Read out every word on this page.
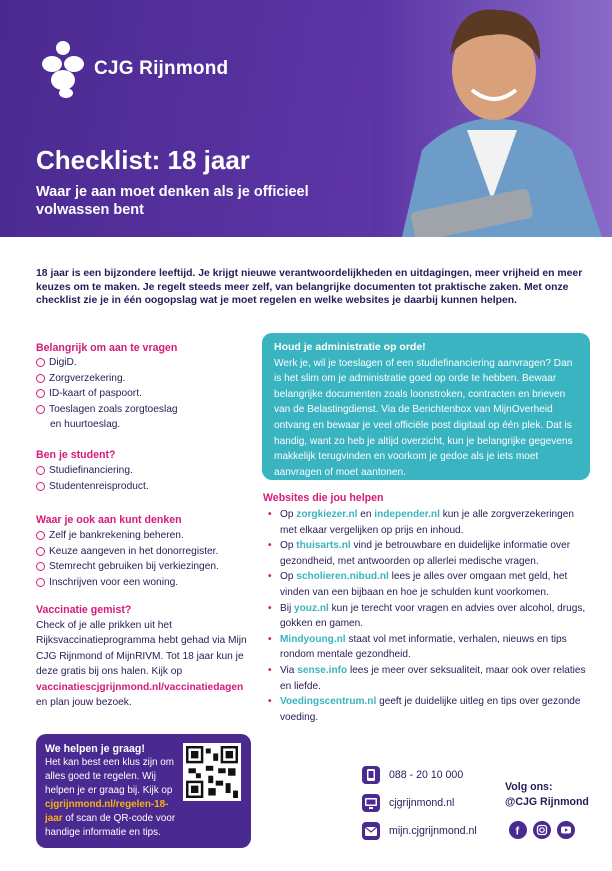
CJG Rijnmond
Checklist: 18 jaar
Waar je aan moet denken als je officieel volwassen bent
18 jaar is een bijzondere leeftijd. Je krijgt nieuwe verantwoordelijkheden en uitdagingen, meer vrijheid en meer keuzes om te maken. Je regelt steeds meer zelf, van belangrijke documenten tot praktische zaken. Met onze checklist zie je in één oogopslag wat je moet regelen en welke websites je daarbij kunnen helpen.
Belangrijk om aan te vragen
DigiD.
Zorgverzekering.
ID-kaart of paspoort.
Toeslagen zoals zorgtoeslag
en huurtoeslag.
Ben je student?
Studiefinanciering.
Studentenreisproduct.
Waar je ook aan kunt denken
Zelf je bankrekening beheren.
Keuze aangeven in het donorregister.
Stemrecht gebruiken bij verkiezingen.
Inschrijven voor een woning.
Vaccinatie gemist?
Check of je alle prikken uit het Rijksvaccinatieprogramma hebt gehad via Mijn CJG Rijnmond of MijnRIVM. Tot 18 jaar kun je deze gratis bij ons halen. Kijk op vaccinatiescjgrijnmond.nl/vaccinatiedagen en plan jouw bezoek.
We helpen je graag!
Het kan best een klus zijn om alles goed te regelen. Wij helpen je er graag bij. Kijk op cjgrijnmond.nl/regelen-18-jaar of scan de QR-code voor handige informatie en tips.
Houd je administratie op orde!
Werk je, wil je toeslagen of een studiefinanciering aanvragen? Dan is het slim om je administratie goed op orde te hebben. Bewaar belangrijke documenten zoals loonstroken, contracten en brieven van de Belastingdienst. Via de Berichtenbox van MijnOverheid ontvang en bewaar je veel officiële post digitaal op één plek. Dat is handig, want zo heb je altijd overzicht, kun je belangrijke gegevens makkelijk terugvinden en voorkom je gedoe als je iets moet aanvragen of moet aantonen.
Websites die jou helpen
• Op zorgkiezer.nl en independer.nl kun je alle zorgverzekeringen met elkaar vergelijken op prijs en inhoud.
• Op thuisarts.nl vind je betrouwbare en duidelijke informatie over gezondheid, met antwoorden op allerlei medische vragen.
• Op scholieren.nibud.nl lees je alles over omgaan met geld, het vinden van een bijbaan en hoe je schulden kunt voorkomen.
• Bij youz.nl kun je terecht voor vragen en advies over alcohol, drugs, gokken en gamen.
• Mindyoung.nl staat vol met informatie, verhalen, nieuws en tips rondom mentale gezondheid.
• Via sense.info lees je meer over seksualiteit, maar ook over relaties en liefde.
• Voedingscentrum.nl geeft je duidelijke uitleg en tips over gezonde voeding.
088 - 20 10 000
cjgrijnmond.nl
mijn.cjgrijnmond.nl
Volg ons:
@CJG Rijnmond
f
